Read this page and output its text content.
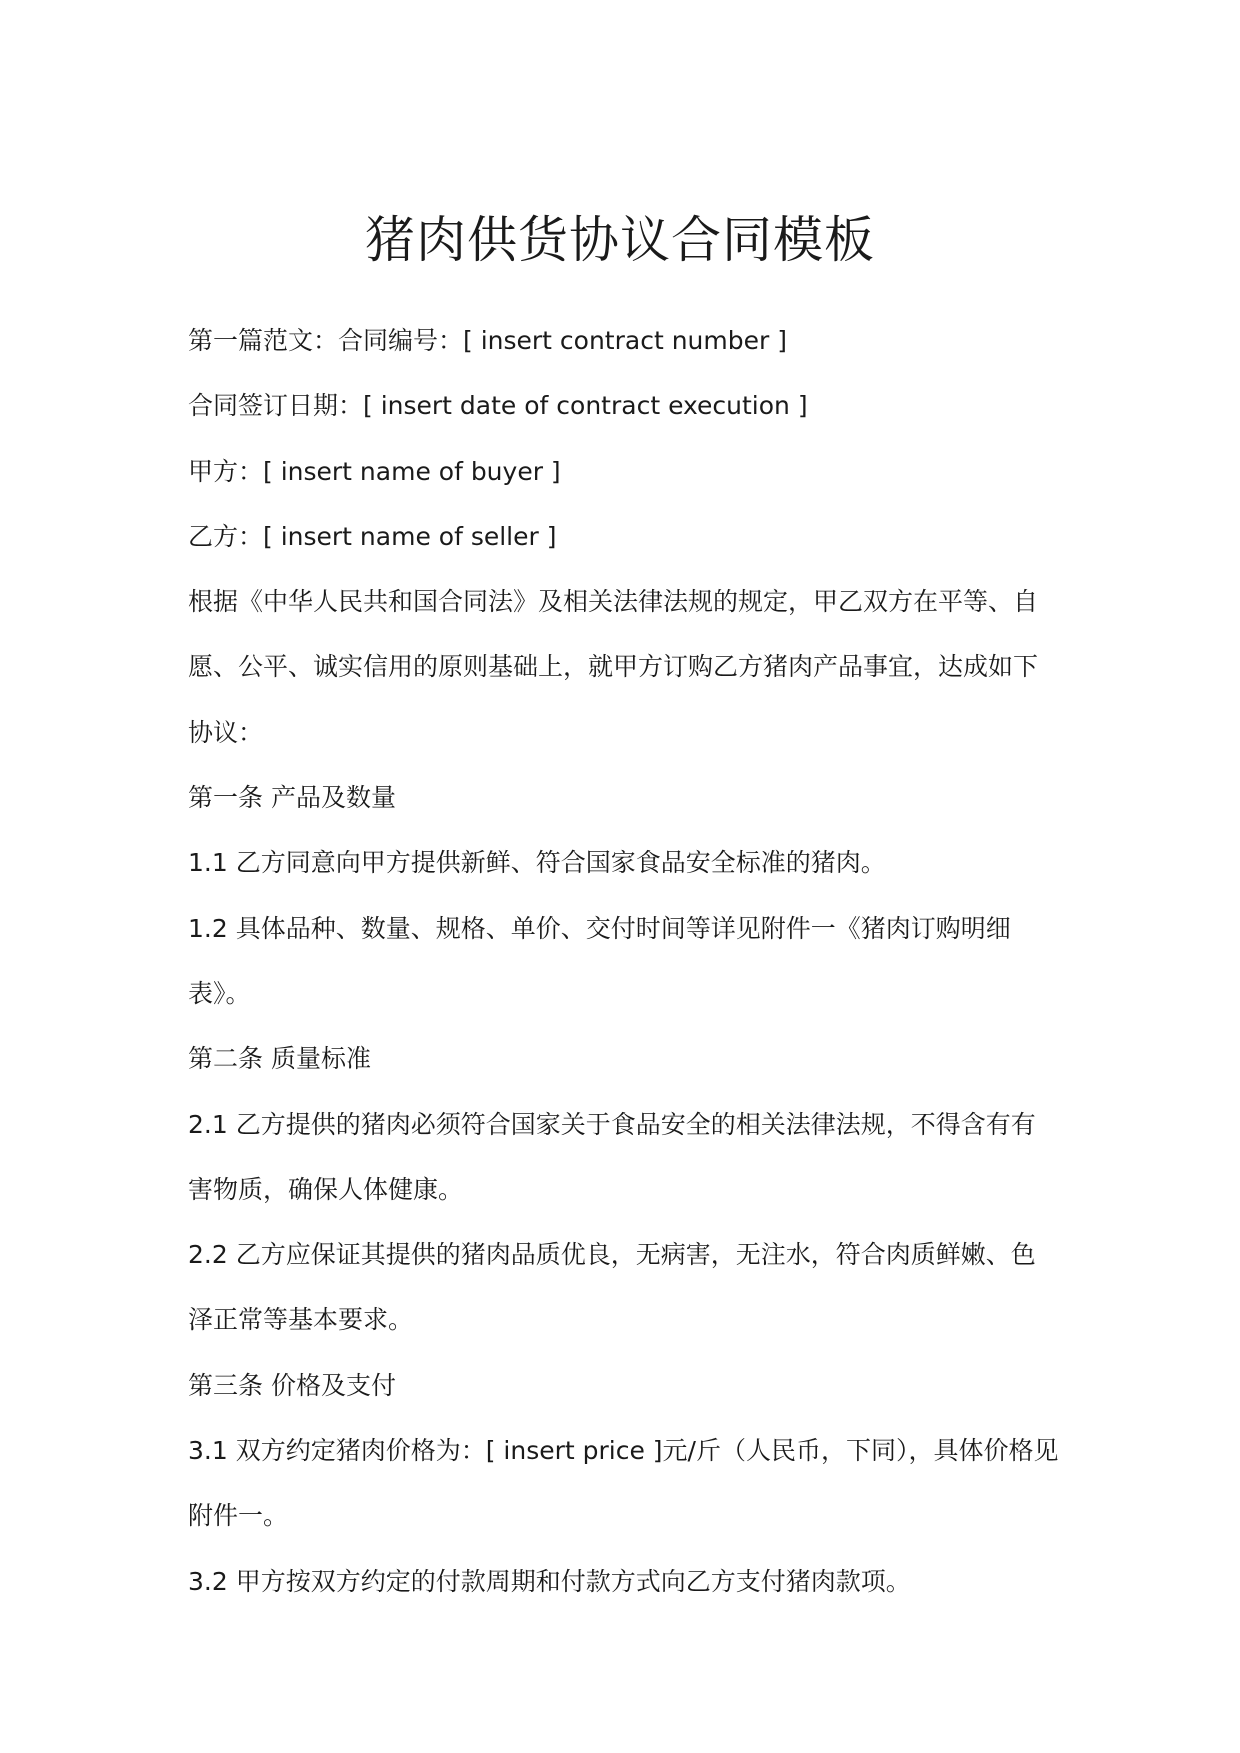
猪肉供货协议合同模板
第一篇范文：合同编号：[ insert contract number ]
合同签订日期：[ insert date of contract execution ]
甲方：[ insert name of buyer ]
乙方：[ insert name of seller ]
根据《中华人民共和国合同法》及相关法律法规的规定，甲乙双方在平等、自
愿、公平、诚实信用的原则基础上，就甲方订购乙方猪肉产品事宜，达成如下
协议：
第一条 产品及数量
1.1 乙方同意向甲方提供新鲜、符合国家食品安全标准的猪肉。
1.2 具体品种、数量、规格、单价、交付时间等详见附件一《猪肉订购明细
表》。
第二条 质量标准
2.1 乙方提供的猪肉必须符合国家关于食品安全的相关法律法规，不得含有有
害物质，确保人体健康。
2.2 乙方应保证其提供的猪肉品质优良，无病害，无注水，符合肉质鲜嫩、色
泽正常等基本要求。
第三条 价格及支付
3.1 双方约定猪肉价格为：[ insert price ]元/斤（人民币，下同），具体价格见
附件一。
3.2 甲方按双方约定的付款周期和付款方式向乙方支付猪肉款项。
